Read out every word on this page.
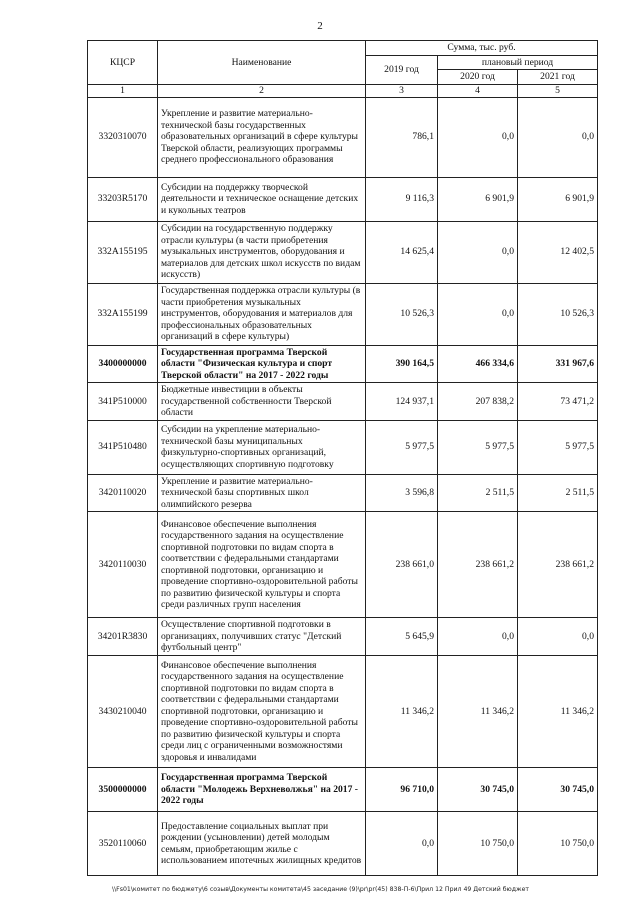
2
КЦСР	Наименование	Сумма, тыс. руб.		
		2019 год	плановый период	
			2020 год	2021 год
1	2	3	4	5
3320310070	Укрепление и развитие материально-технической базы государственных образовательных организаций в сфере культуры Тверской области, реализующих программы среднего профессионального образования	786,1	0,0	0,0
33203R5170	Субсидии на поддержку творческой деятельности и техническое оснащение детских и кукольных театров	9 116,3	6 901,9	6 901,9
332A155195	Субсидии на государственную поддержку отрасли культуры (в части приобретения музыкальных инструментов, оборудования и материалов для детских школ искусств по видам искусств)	14 625,4	0,0	12 402,5
332A155199	Государственная поддержка отрасли культуры (в части приобретения музыкальных инструментов, оборудования и материалов для профессиональных образовательных организаций в сфере культуры)	10 526,3	0,0	10 526,3
3400000000	Государственная программа Тверской области "Физическая культура и спорт Тверской области" на 2017 - 2022 годы	390 164,5	466 334,6	331 967,6
341P510000	Бюджетные инвестиции в объекты государственной собственности Тверской области	124 937,1	207 838,2	73 471,2
341P510480	Субсидии на укрепление материально-технической базы муниципальных физкультурно-спортивных организаций, осуществляющих спортивную подготовку	5 977,5	5 977,5	5 977,5
3420110020	Укрепление и развитие материально-технической базы спортивных школ олимпийского резерва	3 596,8	2 511,5	2 511,5
3420110030	Финансовое обеспечение выполнения государственного задания на осуществление спортивной подготовки по видам спорта в соответствии с федеральными стандартами спортивной подготовки, организацию и проведение спортивно-оздоровительной работы по развитию физической культуры и спорта среди различных групп населения	238 661,0	238 661,2	238 661,2
34201R3830	Осуществление спортивной подготовки в организациях, получивших статус "Детский футбольный центр"	5 645,9	0,0	0,0
3430210040	Финансовое обеспечение выполнения государственного задания на осуществление спортивной подготовки по видам спорта в соответствии с федеральными стандартами спортивной подготовки, организацию и проведение спортивно-оздоровительной работы по развитию физической культуры и спорта среди лиц с ограниченными возможностями здоровья и инвалидами	11 346,2	11 346,2	11 346,2
3500000000	Государственная программа Тверской области "Молодежь Верхневолжья" на 2017 - 2022 годы	96 710,0	30 745,0	30 745,0
3520110060	Предоставление социальных выплат при рождении (усыновлении) детей молодым семьям, приобретающим жилье с использованием ипотечных жилищных кредитов	0,0	10 750,0	10 750,0
\\Fs01\комитет по бюджету\6 созыв\Документы комитета\45 заседание (9)\pr\pr(45) 838-П-6\Прил 12 Прил 49 Детский бюджет
